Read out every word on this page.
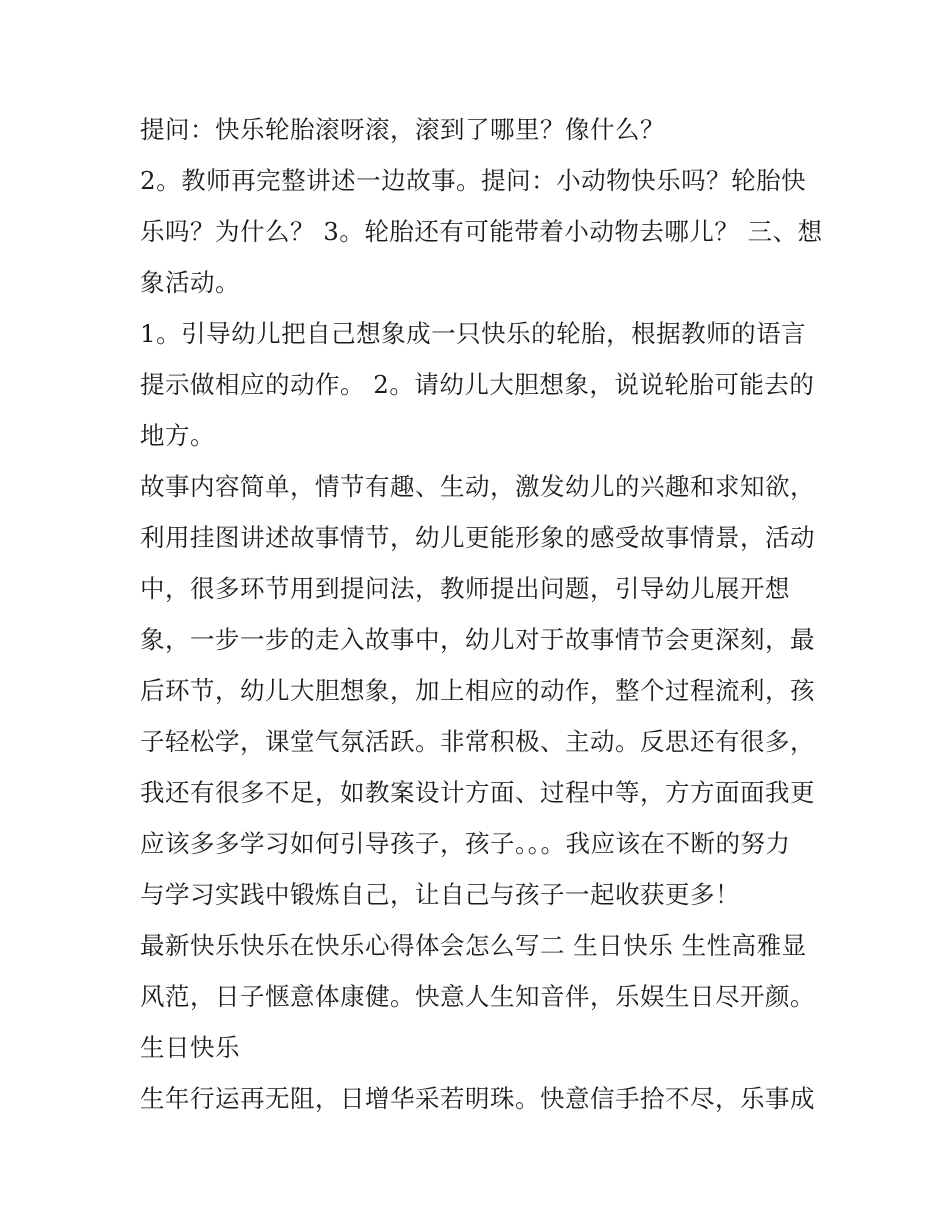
提问：快乐轮胎滚呀滚，滚到了哪里？像什么？
2。教师再完整讲述一边故事。提问：小动物快乐吗？轮胎快
乐吗？为什么？ 3。轮胎还有可能带着小动物去哪儿？ 三、想
象活动。
1。引导幼儿把自己想象成一只快乐的轮胎，根据教师的语言
提示做相应的动作。 2。请幼儿大胆想象，说说轮胎可能去的
地方。
故事内容简单，情节有趣、生动，激发幼儿的兴趣和求知欲，
利用挂图讲述故事情节，幼儿更能形象的感受故事情景，活动
中，很多环节用到提问法，教师提出问题，引导幼儿展开想
象，一步一步的走入故事中，幼儿对于故事情节会更深刻，最
后环节，幼儿大胆想象，加上相应的动作，整个过程流利，孩
子轻松学，课堂气氛活跃。非常积极、主动。反思还有很多，
我还有很多不足，如教案设计方面、过程中等，方方面面我更
应该多多学习如何引导孩子，孩子。。。我应该在不断的努力
与学习实践中锻炼自己，让自己与孩子一起收获更多！
最新快乐快乐在快乐心得体会怎么写二 生日快乐 生性高雅显
风范，日子惬意体康健。快意人生知音伴，乐娱生日尽开颜。
生日快乐
生年行运再无阻，日增华采若明珠。快意信手拾不尽，乐事成
